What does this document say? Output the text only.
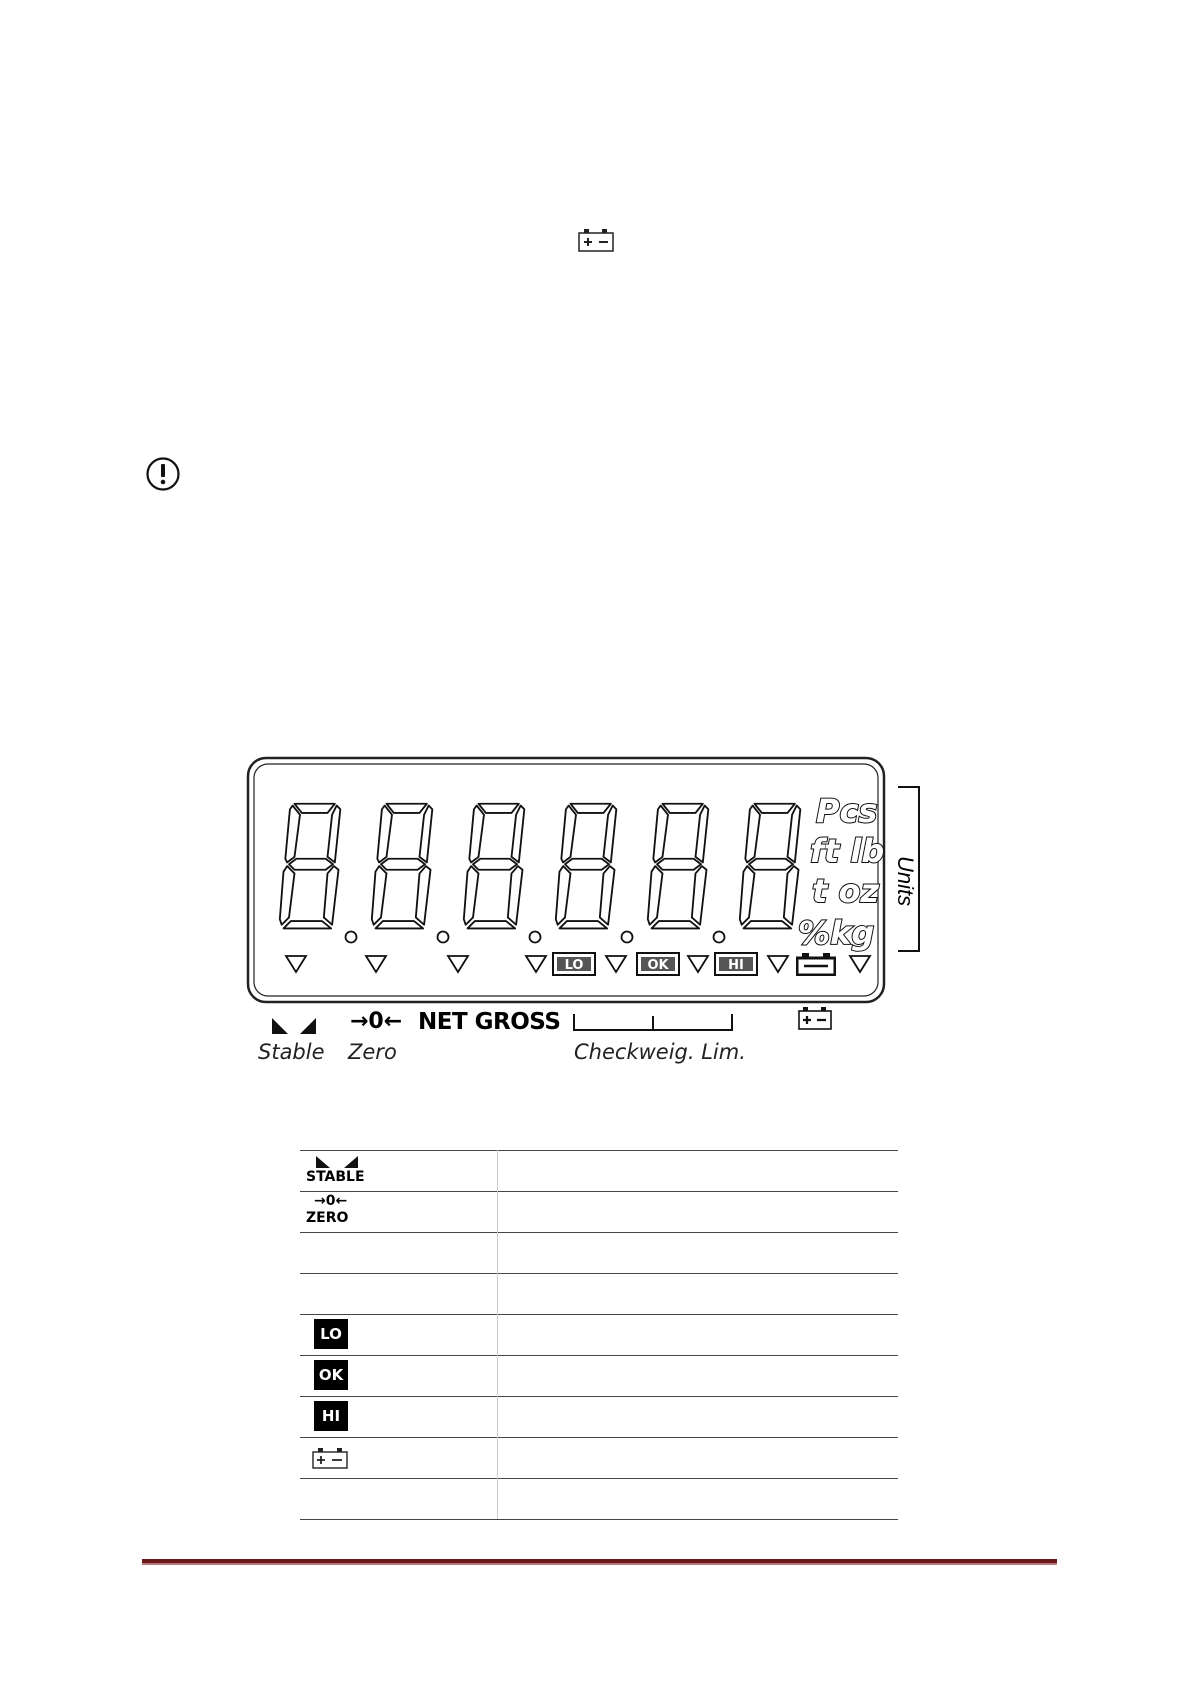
Pcs
ft lb
t oz
%kg
LO	OK	HI
Units
Stable
→0←
Zero
NET GROSS
Checkweig. Lim.
STABLE
→0←
ZERO
LO
OK
HI
